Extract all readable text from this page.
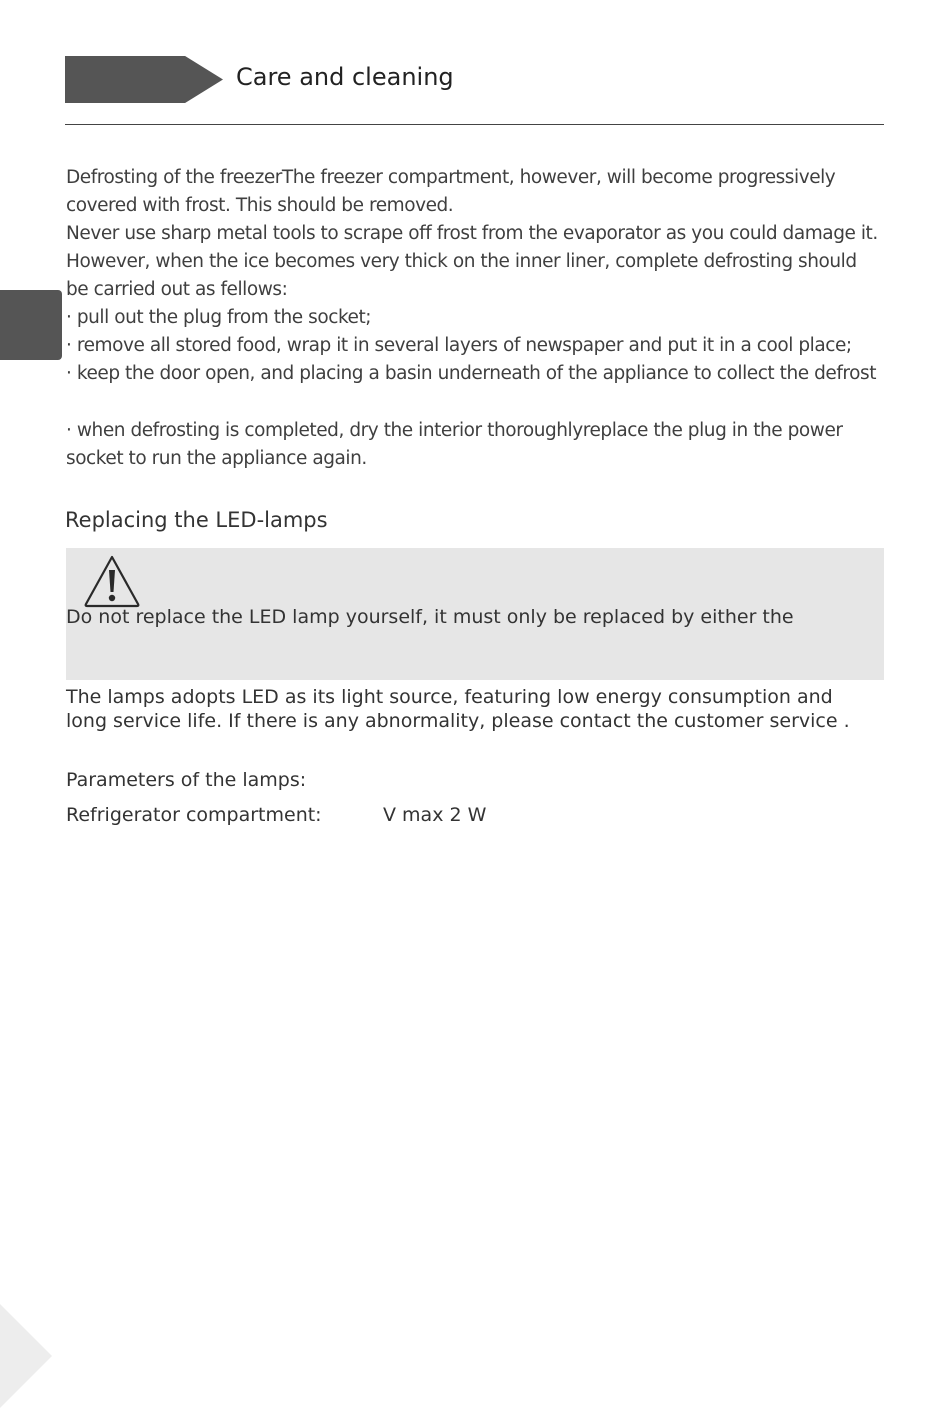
Care and cleaning
Defrosting of the freezerThe freezer compartment, however, will become progressively
covered with frost. This should be removed.
Never use sharp metal tools to scrape off frost from the evaporator as you could damage it.
However, when the ice becomes very thick on the inner liner, complete defrosting should
be carried out as fellows:
· pull out the plug from the socket;
· remove all stored food, wrap it in several layers of newspaper and put it in a cool place;
· keep the door open, and placing a basin underneath of the appliance to collect the defrost
· when defrosting is completed, dry the interior thoroughlyreplace the plug in the power
socket to run the appliance again.
Replacing the LED-lamps
Do not replace the LED lamp yourself, it must only be replaced by either the
The lamps adopts LED as its light source, featuring low energy consumption and
long service life. If there is any abnormality, please contact the customer service .
Parameters of the lamps:
Refrigerator compartment:	V max 2 W
